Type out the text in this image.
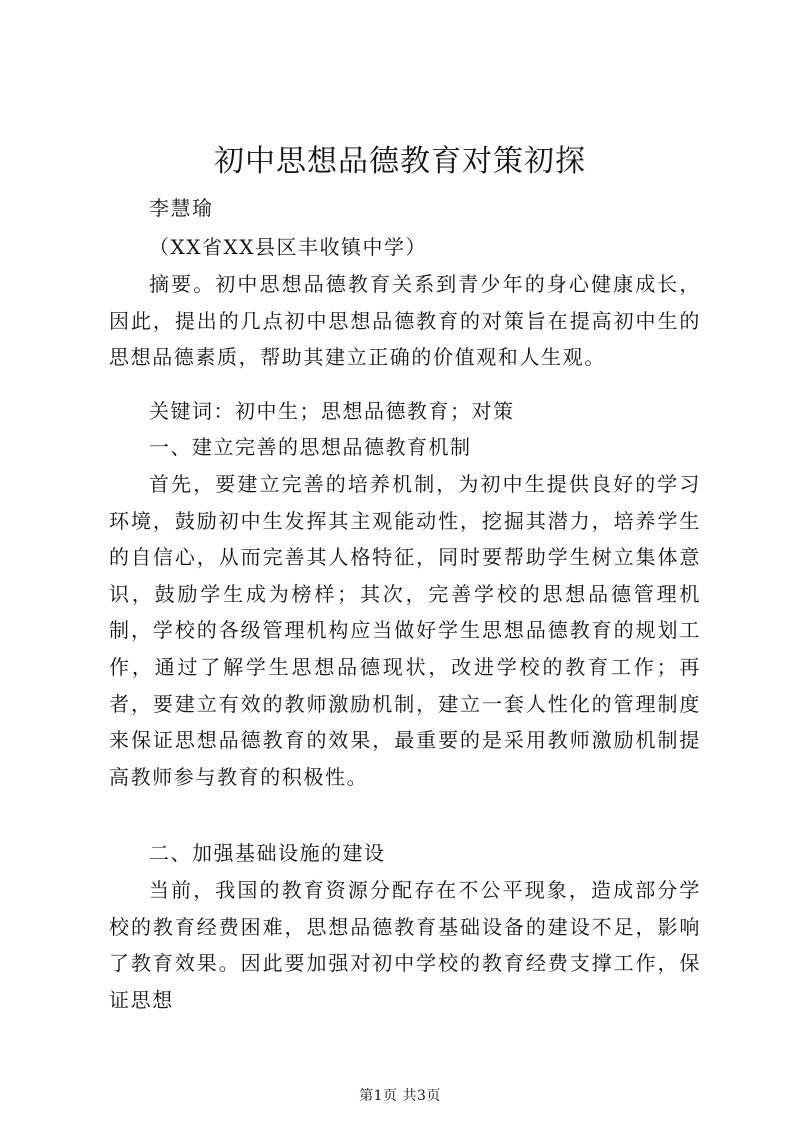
初中思想品德教育对策初探
李慧瑜
（XX省XX县区丰收镇中学）
摘要。初中思想品德教育关系到青少年的身心健康成长，因此，提出的几点初中思想品德教育的对策旨在提高初中生的思想品德素质，帮助其建立正确的价值观和人生观。
关键词：初中生；思想品德教育；对策
一、建立完善的思想品德教育机制
首先，要建立完善的培养机制，为初中生提供良好的学习环境，鼓励初中生发挥其主观能动性，挖掘其潜力，培养学生的自信心，从而完善其人格特征，同时要帮助学生树立集体意识，鼓励学生成为榜样；其次，完善学校的思想品德管理机制，学校的各级管理机构应当做好学生思想品德教育的规划工作，通过了解学生思想品德现状，改进学校的教育工作；再者，要建立有效的教师激励机制，建立一套人性化的管理制度来保证思想品德教育的效果，最重要的是采用教师激励机制提高教师参与教育的积极性。
二、加强基础设施的建设
当前，我国的教育资源分配存在不公平现象，造成部分学校的教育经费困难，思想品德教育基础设备的建设不足，影响了教育效果。因此要加强对初中学校的教育经费支撑工作，保证思想
第1页 共3页
